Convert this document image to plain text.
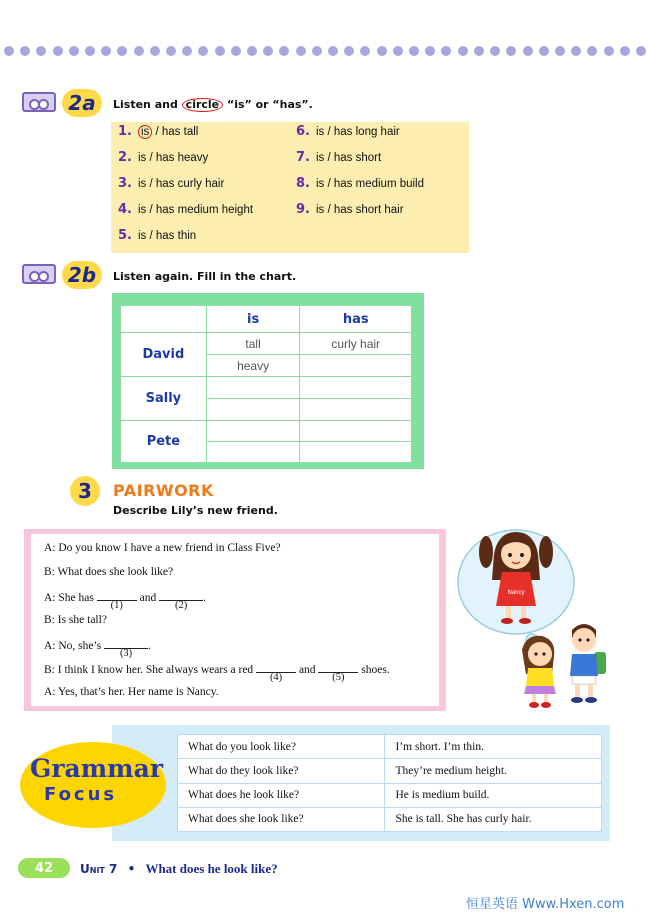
2a	Listen and circle “is” or “has”.
1. is / has tall
2. is / has heavy
3. is / has curly hair
4. is / has medium height
5. is / has thin
6. is / has long hair
7. is / has short
8. is / has medium build
9. is / has short hair
2b	Listen again. Fill in the chart.
	is	has
David	tall	curly hair
	heavy	
Sally		

Pete		

3	PAIRWORK
Describe Lily’s new friend.
A: Do you know I have a new friend in Class Five?
B: What does she look like?
A: She has
(1)
and
(2)
.
B: Is she tall?
A: No, she’s
(3)
.
B: I think I know her. She always wears a red
(4)
and
(5)
shoes.
A: Yes, that’s her. Her name is Nancy.
Nancy
What do you look like?	I’m short. I’m thin.
What do they look like?	They’re medium height.
What does he look like?	He is medium build.
What does she look like?	She is tall. She has curly hair.
Grammar
Focus
42	Unit 7 • What does he look like?
恒星英语 Www.Hxen.com
